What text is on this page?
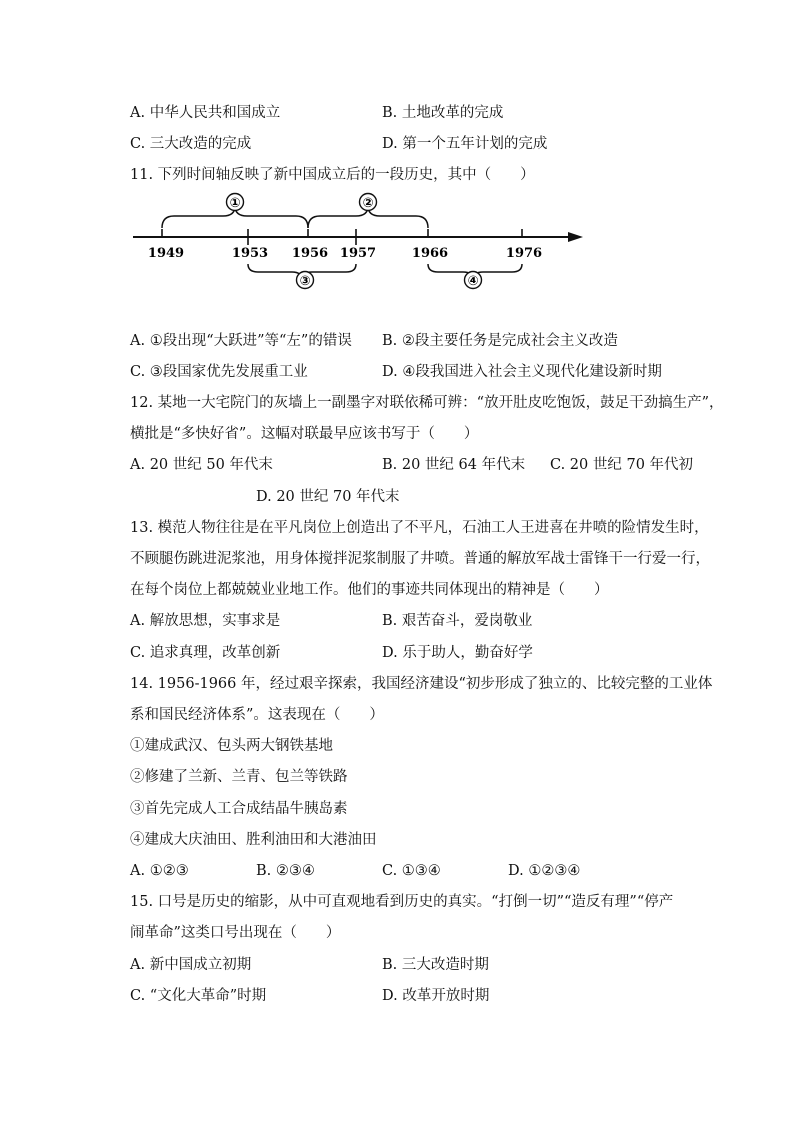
A. 中华人民共和国成立	B. 土地改革的完成
C. 三大改造的完成	D. 第一个五年计划的完成
11. 下列时间轴反映了新中国成立后的一段历史，其中（　　）
1949	1953 1956 1957	1966	1976
①	②
③	④
A. ①段出现“大跃进”等“左”的错误 B. ②段主要任务是完成社会主义改造
C. ③段国家优先发展重工业	D. ④段我国进入社会主义现代化建设新时期
12. 某地一大宅院门的灰墙上一副墨字对联依稀可辨：“放开肚皮吃饱饭，鼓足干劲搞生产”，
横批是“多快好省”。这幅对联最早应该书写于（　　）
A. 20 世纪 50 年代末	B. 20 世纪 64 年代末 C. 20 世纪 70 年代初
D. 20 世纪 70 年代末
13. 模范人物往往是在平凡岗位上创造出了不平凡，石油工人王进喜在井喷的险情发生时，
不顾腿伤跳进泥浆池，用身体搅拌泥浆制服了井喷。普通的解放军战士雷锋干一行爱一行，
在每个岗位上都兢兢业业地工作。他们的事迹共同体现出的精神是（　　）
A. 解放思想，实事求是	B. 艰苦奋斗，爱岗敬业
C. 追求真理，改革创新	D. 乐于助人，勤奋好学
14. 1956-1966 年，经过艰辛探索，我国经济建设“初步形成了独立的、比较完整的工业体
系和国民经济体系”。这表现在（　　）
①建成武汉、包头两大钢铁基地
②修建了兰新、兰青、包兰等铁路
③首先完成人工合成结晶牛胰岛素
④建成大庆油田、胜利油田和大港油田
A. ①②③	B. ②③④	C. ①③④	D. ①②③④
15. 口号是历史的缩影，从中可直观地看到历史的真实。“打倒一切”“造反有理”“停产
闹革命”这类口号出现在（　　）
A. 新中国成立初期	B. 三大改造时期
C. “文化大革命”时期	D. 改革开放时期
